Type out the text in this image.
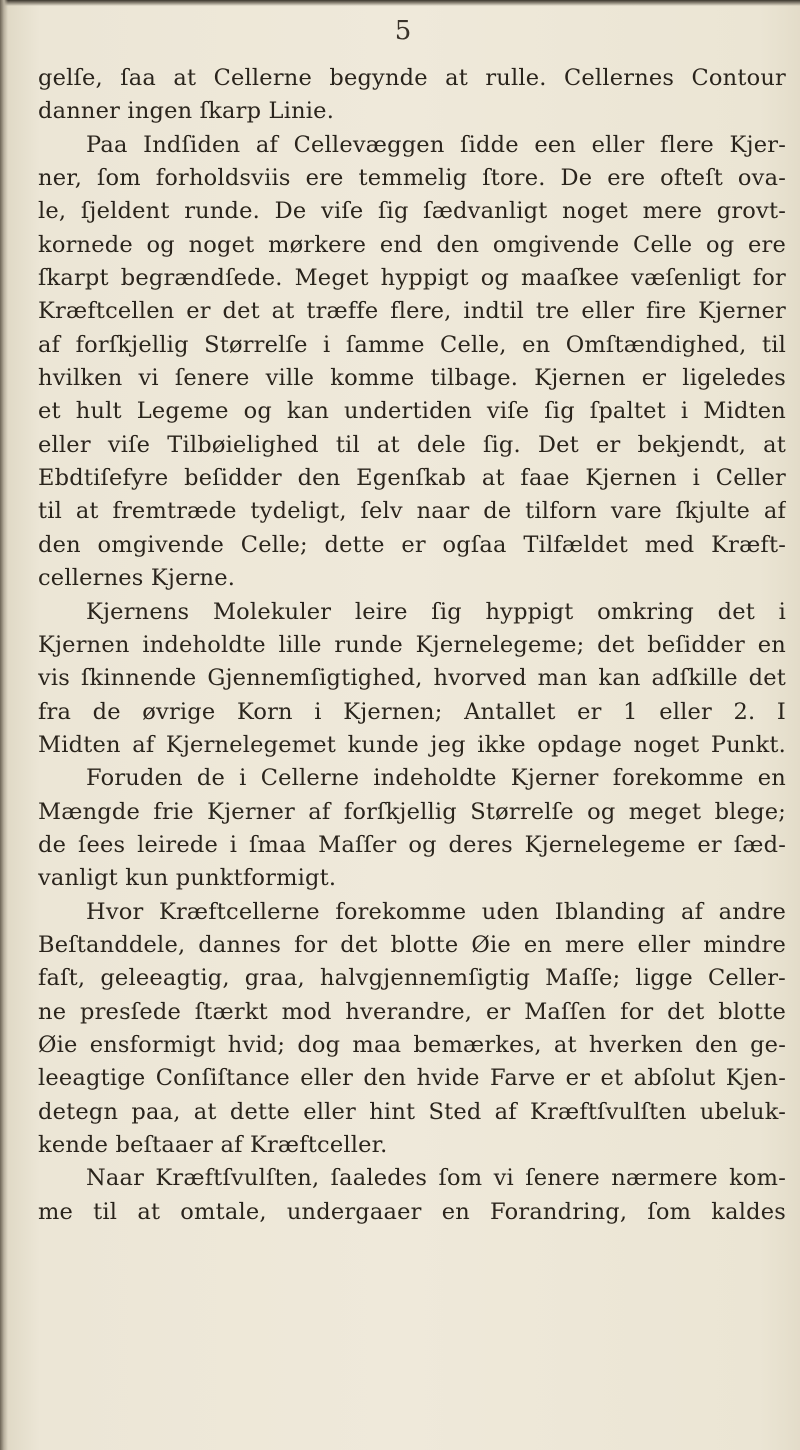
5
gelſe, ſaa at Cellerne begynde at rulle. Cellernes Contour
danner ingen ſkarp Linie.
Paa Indſiden af Cellevæggen ſidde een eller flere Kjer-
ner, ſom forholdsviis ere temmelig ſtore. De ere ofteſt ova-
le, ſjeldent runde. De viſe ſig ſædvanligt noget mere grovt-
kornede og noget mørkere end den omgivende Celle og ere
ſkarpt begrændſede. Meget hyppigt og maaſkee væſenligt for
Kræftcellen er det at træffe flere, indtil tre eller fire Kjerner
af forſkjellig Størrelſe i ſamme Celle, en Omſtændighed, til
hvilken vi ſenere ville komme tilbage. Kjernen er ligeledes
et hult Legeme og kan undertiden viſe ſig ſpaltet i Midten
eller viſe Tilbøielighed til at dele ſig. Det er bekjendt, at
Ebdtiſefyre beſidder den Egenſkab at faae Kjernen i Celler
til at fremtræde tydeligt, ſelv naar de tilforn vare ſkjulte af
den omgivende Celle; dette er ogſaa Tilfældet med Kræft-
cellernes Kjerne.
Kjernens Molekuler leire ſig hyppigt omkring det i
Kjernen indeholdte lille runde Kjernelegeme; det beſidder en
vis ſkinnende Gjennemſigtighed, hvorved man kan adſkille det
fra de øvrige Korn i Kjernen; Antallet er 1 eller 2. I
Midten af Kjernelegemet kunde jeg ikke opdage noget Punkt.
Foruden de i Cellerne indeholdte Kjerner forekomme en
Mængde frie Kjerner af forſkjellig Størrelſe og meget blege;
de ſees leirede i ſmaa Maſſer og deres Kjernelegeme er ſæd-
vanligt kun punktformigt.
Hvor Kræftcellerne forekomme uden Iblanding af andre
Beſtanddele, dannes for det blotte Øie en mere eller mindre
faſt, geleeagtig, graa, halvgjennemſigtig Maſſe; ligge Celler-
ne presſede ſtærkt mod hverandre, er Maſſen for det blotte
Øie ensformigt hvid; dog maa bemærkes, at hverken den ge-
leeagtige Conſiſtance eller den hvide Farve er et abſolut Kjen-
detegn paa, at dette eller hint Sted af Kræftſvulſten ubeluk-
kende beſtaaer af Kræftceller.
Naar Kræftſvulſten, ſaaledes ſom vi ſenere nærmere kom-
me til at omtale, undergaaer en Forandring, ſom kaldes
